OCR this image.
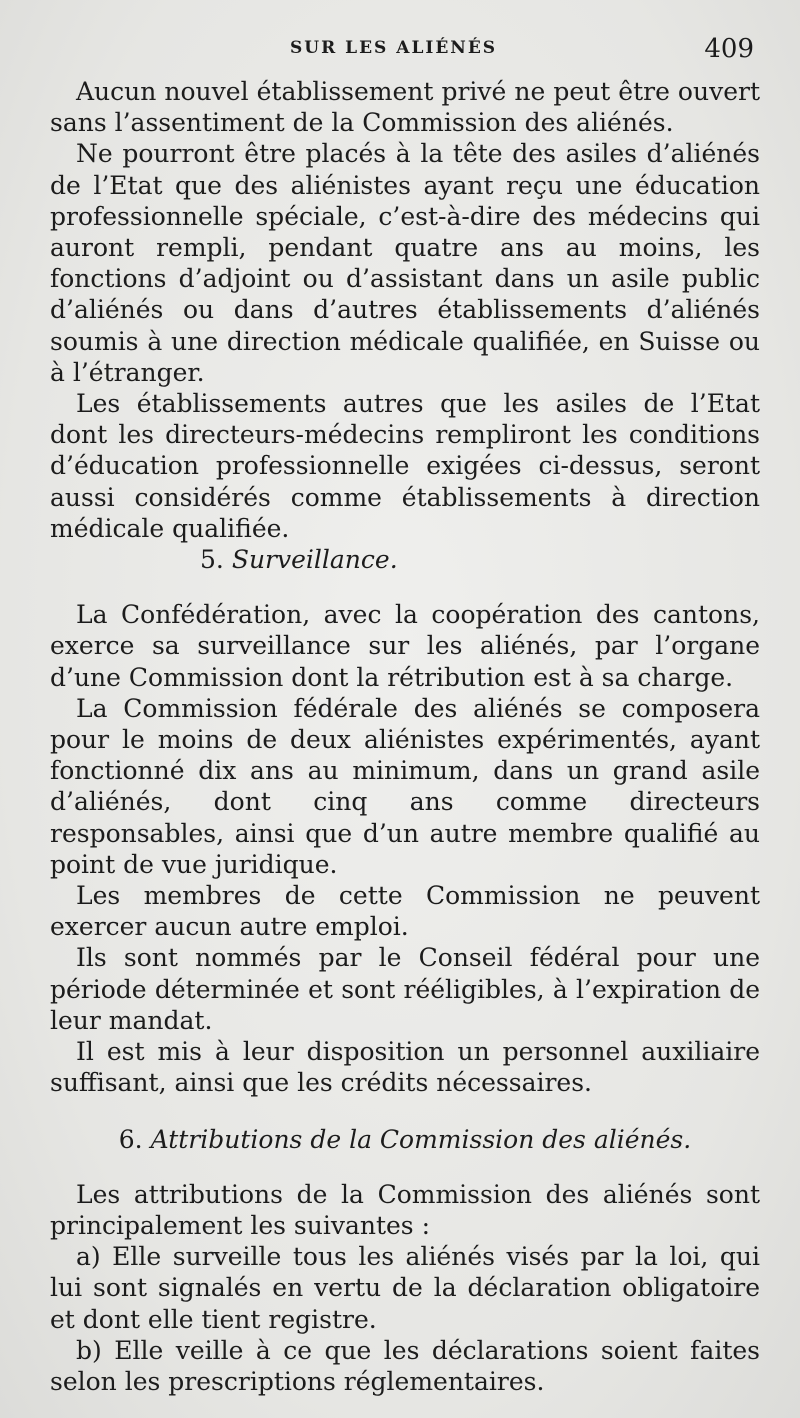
SUR LES ALIÉNÉS	409

Aucun nouvel établissement privé ne peut être ouvert sans l’assentiment de la Commission des aliénés.

Ne pourront être placés à la tête des asiles d’aliénés de l’Etat que des aliénistes ayant reçu une éducation professionnelle spéciale, c’est-à-dire des médecins qui auront rempli, pendant quatre ans au moins, les fonctions d’adjoint ou d’assistant dans un asile public d’aliénés ou dans d’autres établissements d’aliénés soumis à une direction médicale qualifiée, en Suisse ou à l’étranger.

Les établissements autres que les asiles de l’Etat dont les directeurs-médecins rempliront les conditions d’éducation professionnelle exigées ci-dessus, seront aussi considérés comme établissements à direction médicale qualifiée.

5. Surveillance.

La Confédération, avec la coopération des cantons, exerce sa surveillance sur les aliénés, par l’organe d’une Commission dont la rétribution est à sa charge.

La Commission fédérale des aliénés se composera pour le moins de deux aliénistes expérimentés, ayant fonctionné dix ans au minimum, dans un grand asile d’aliénés, dont cinq ans comme directeurs responsables, ainsi que d’un autre membre qualifié au point de vue juridique.

Les membres de cette Commission ne peuvent exercer aucun autre emploi.

Ils sont nommés par le Conseil fédéral pour une période déterminée et sont rééligibles, à l’expiration de leur mandat.

Il est mis à leur disposition un personnel auxiliaire suffisant, ainsi que les crédits nécessaires.

6. Attributions de la Commission des aliénés.

Les attributions de la Commission des aliénés sont principalement les suivantes :

a) Elle surveille tous les aliénés visés par la loi, qui lui sont signalés en vertu de la déclaration obligatoire et dont elle tient registre.

b) Elle veille à ce que les déclarations soient faites selon les prescriptions réglementaires.
